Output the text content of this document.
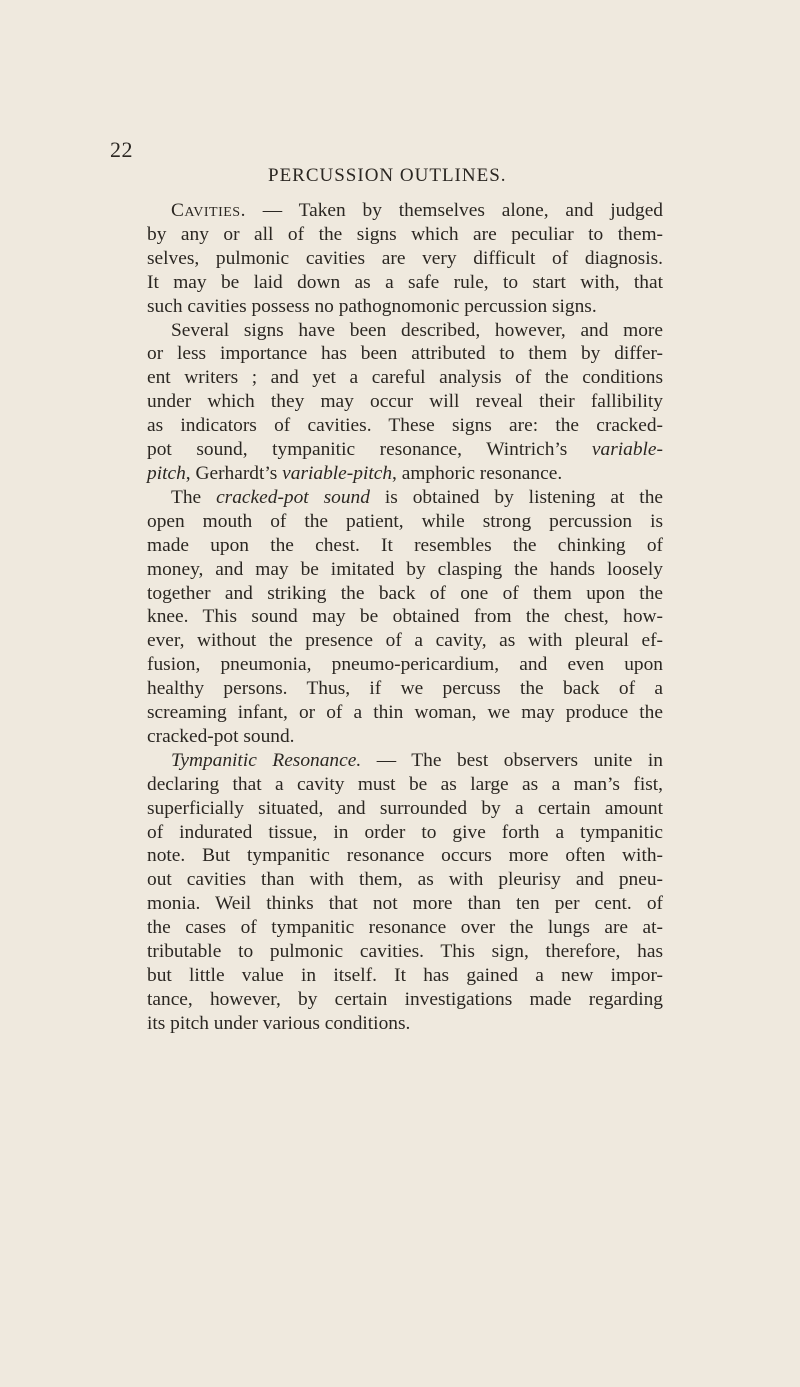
22
PERCUSSION OUTLINES.
Cavities. — Taken by themselves alone, and judged
by any or all of the signs which are peculiar to them-
selves, pulmonic cavities are very difficult of diagnosis.
It may be laid down as a safe rule, to start with, that
such cavities possess no pathognomonic percussion signs.
Several signs have been described, however, and more
or less importance has been attributed to them by differ-
ent writers ; and yet a careful analysis of the conditions
under which they may occur will reveal their fallibility
as indicators of cavities. These signs are: the cracked-
pot sound, tympanitic resonance, Wintrich’s variable-
pitch, Gerhardt’s variable-pitch, amphoric resonance.
The cracked-pot sound is obtained by listening at the
open mouth of the patient, while strong percussion is
made upon the chest. It resembles the chinking of
money, and may be imitated by clasping the hands loosely
together and striking the back of one of them upon the
knee. This sound may be obtained from the chest, how-
ever, without the presence of a cavity, as with pleural ef-
fusion, pneumonia, pneumo-pericardium, and even upon
healthy persons. Thus, if we percuss the back of a
screaming infant, or of a thin woman, we may produce the
cracked-pot sound.
Tympanitic Resonance. — The best observers unite in
declaring that a cavity must be as large as a man’s fist,
superficially situated, and surrounded by a certain amount
of indurated tissue, in order to give forth a tympanitic
note. But tympanitic resonance occurs more often with-
out cavities than with them, as with pleurisy and pneu-
monia. Weil thinks that not more than ten per cent. of
the cases of tympanitic resonance over the lungs are at-
tributable to pulmonic cavities. This sign, therefore, has
but little value in itself. It has gained a new impor-
tance, however, by certain investigations made regarding
its pitch under various conditions.
